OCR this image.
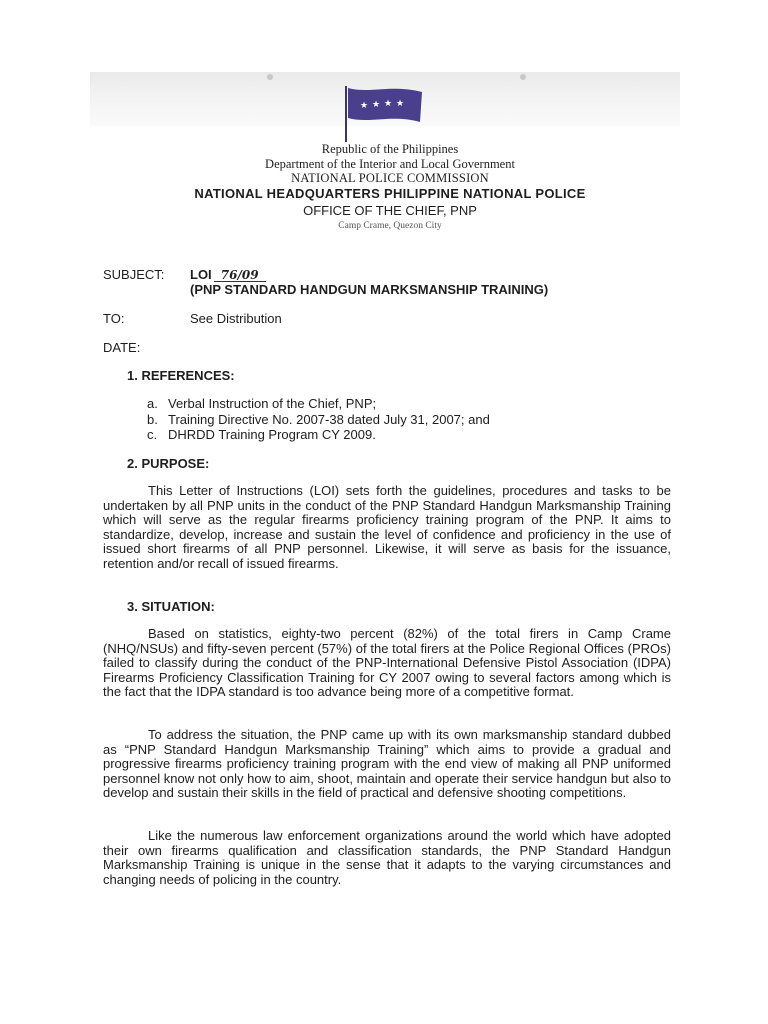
★ ★ ★ ★
Republic of the Philippines
Department of the Interior and Local Government
NATIONAL POLICE COMMISSION
NATIONAL HEADQUARTERS PHILIPPINE NATIONAL POLICE
OFFICE OF THE CHIEF, PNP
Camp Crame, Quezon City
SUBJECT: LOI 76/09
(PNP STANDARD HANDGUN MARKSMANSHIP TRAINING)
TO:	See Distribution
DATE:
1. REFERENCES:
a. Verbal Instruction of the Chief, PNP;
b. Training Directive No. 2007-38 dated July 31, 2007; and
c. DHRDD Training Program CY 2009.
2. PURPOSE:
This Letter of Instructions (LOI) sets forth the guidelines, procedures and tasks to be undertaken by all PNP units in the conduct of the PNP Standard Handgun Marksmanship Training which will serve as the regular firearms proficiency training program of the PNP. It aims to standardize, develop, increase and sustain the level of confidence and proficiency in the use of issued short firearms of all PNP personnel. Likewise, it will serve as basis for the issuance, retention and/or recall of issued firearms.
3. SITUATION:
Based on statistics, eighty-two percent (82%) of the total firers in Camp Crame (NHQ/NSUs) and fifty-seven percent (57%) of the total firers at the Police Regional Offices (PROs) failed to classify during the conduct of the PNP-International Defensive Pistol Association (IDPA) Firearms Proficiency Classification Training for CY 2007 owing to several factors among which is the fact that the IDPA standard is too advance being more of a competitive format.
To address the situation, the PNP came up with its own marksmanship standard dubbed as “PNP Standard Handgun Marksmanship Training” which aims to provide a gradual and progressive firearms proficiency training program with the end view of making all PNP uniformed personnel know not only how to aim, shoot, maintain and operate their service handgun but also to develop and sustain their skills in the field of practical and defensive shooting competitions.
Like the numerous law enforcement organizations around the world which have adopted their own firearms qualification and classification standards, the PNP Standard Handgun Marksmanship Training is unique in the sense that it adapts to the varying circumstances and changing needs of policing in the country.
